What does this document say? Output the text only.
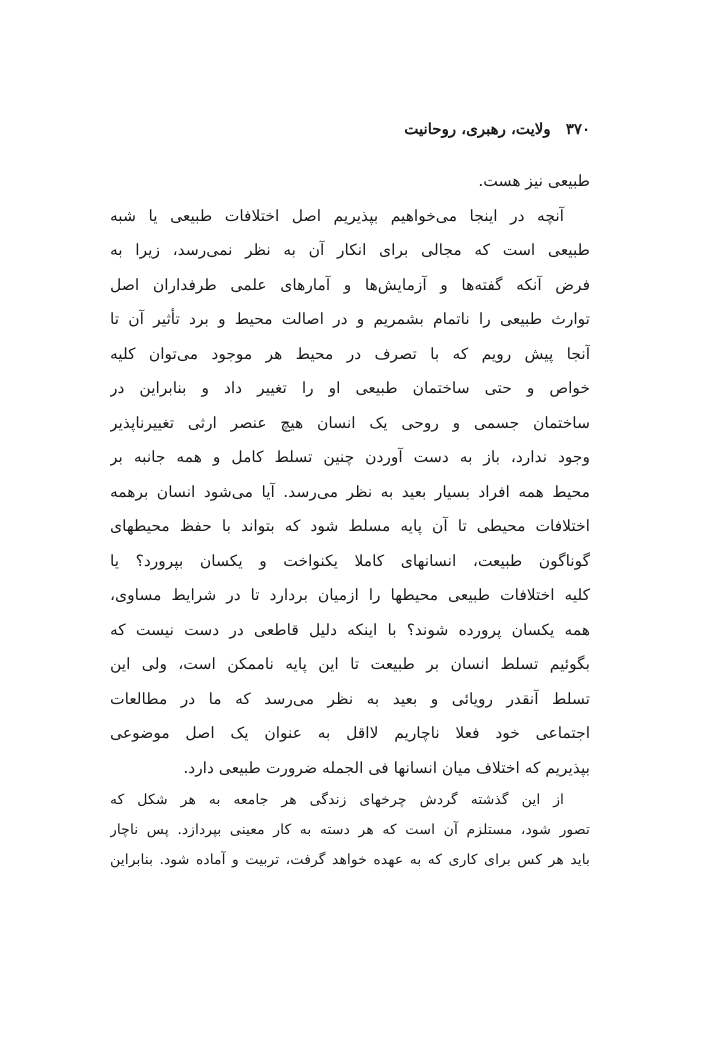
۳۷۰ ولایت، رهبری، روحانیت
طبیعی نیز هست.
آنچه در اینجا می‌خواهیم بپذیریم اصل اختلافات طبیعی یا شبه
طبیعی است که مجالی برای انکار آن به نظر نمی‌رسد، زیرا به
فرض آنکه گفته‌ها و آزمایش‌ها و آمارهای علمی طرفداران اصل
توارث طبیعی را ناتمام بشمریم و در اصالت محیط و برد تأثیر آن تا
آنجا پیش رویم که با تصرف در محیط هر موجود می‌توان کلیه
خواص و حتی ساختمان طبیعی او را تغییر داد و بنابراین در
ساختمان جسمی و روحی یک انسان هیچ عنصر ارثی تغییرناپذیر
وجود ندارد، باز به دست آوردن چنین تسلط کامل و همه جانبه بر
محیط همه افراد بسیار بعید به نظر می‌رسد. آیا می‌شود انسان برهمه
اختلافات محیطی تا آن پایه مسلط شود که بتواند با حفظ محیطهای
گوناگون طبیعت، انسانهای کاملا یکنواخت و یکسان بپرورد؟ یا
کلیه اختلافات طبیعی محیطها را ازمیان بردارد تا در شرایط مساوی،
همه یکسان پرورده شوند؟ با اینکه دلیل قاطعی در دست نیست که
بگوئیم تسلط انسان بر طبیعت تا این پایه ناممکن است، ولی این
تسلط آنقدر رویائی و بعید به نظر می‌رسد که ما در مطالعات
اجتماعی خود فعلا ناچاریم لااقل به عنوان یک اصل موضوعی
بپذیریم که اختلاف میان انسانها فی الجمله ضرورت طبیعی دارد.
از این گذشته گردش چرخهای زندگی هر جامعه به هر شکل که
تصور شود، مستلزم آن است که هر دسته به کار معینی بپردازد. پس ناچار
باید هر کس برای کاری که به عهده خواهد گرفت، تربیت و آماده شود. بنابراین
